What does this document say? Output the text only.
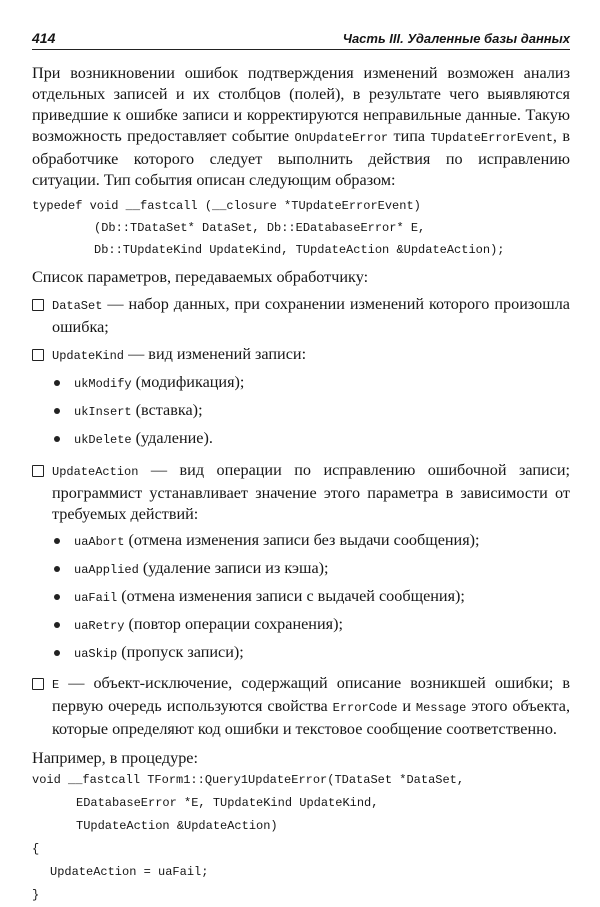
414	Часть III. Удаленные базы данных

При возникновении ошибок подтверждения изменений возможен анализ отдельных записей и их столбцов (полей), в результате чего выявляются приведшие к ошибке записи и корректируются неправильные данные. Такую возможность предоставляет событие OnUpdateError типа TUpdateErrorEvent, в обработчике которого следует выполнить действия по исправлению ситуации. Тип события описан следующим образом:

typedef void __fastcall (__closure *TUpdateErrorEvent)
(Db::TDataSet* DataSet, Db::EDatabaseError* E,
Db::TUpdateKind UpdateKind, TUpdateAction &UpdateAction);

Список параметров, передаваемых обработчику:

DataSet — набор данных, при сохранении изменений которого произошла ошибка;
UpdateKind — вид изменений записи:
ukModify (модификация);
ukInsert (вставка);
ukDelete (удаление).
UpdateAction — вид операции по исправлению ошибочной записи; программист устанавливает значение этого параметра в зависимости от требуемых действий:
uaAbort (отмена изменения записи без выдачи сообщения);
uaApplied (удаление записи из кэша);
uaFail (отмена изменения записи с выдачей сообщения);
uaRetry (повтор операции сохранения);
uaSkip (пропуск записи);
E — объект-исключение, содержащий описание возникшей ошибки; в первую очередь используются свойства ErrorCode и Message этого объекта, которые определяют код ошибки и текстовое сообщение соответственно.

Например, в процедуре:

void __fastcall TForm1::Query1UpdateError(TDataSet *DataSet,
EDatabaseError *E, TUpdateKind UpdateKind,
TUpdateAction &UpdateAction)
{
UpdateAction = uaFail;
}
